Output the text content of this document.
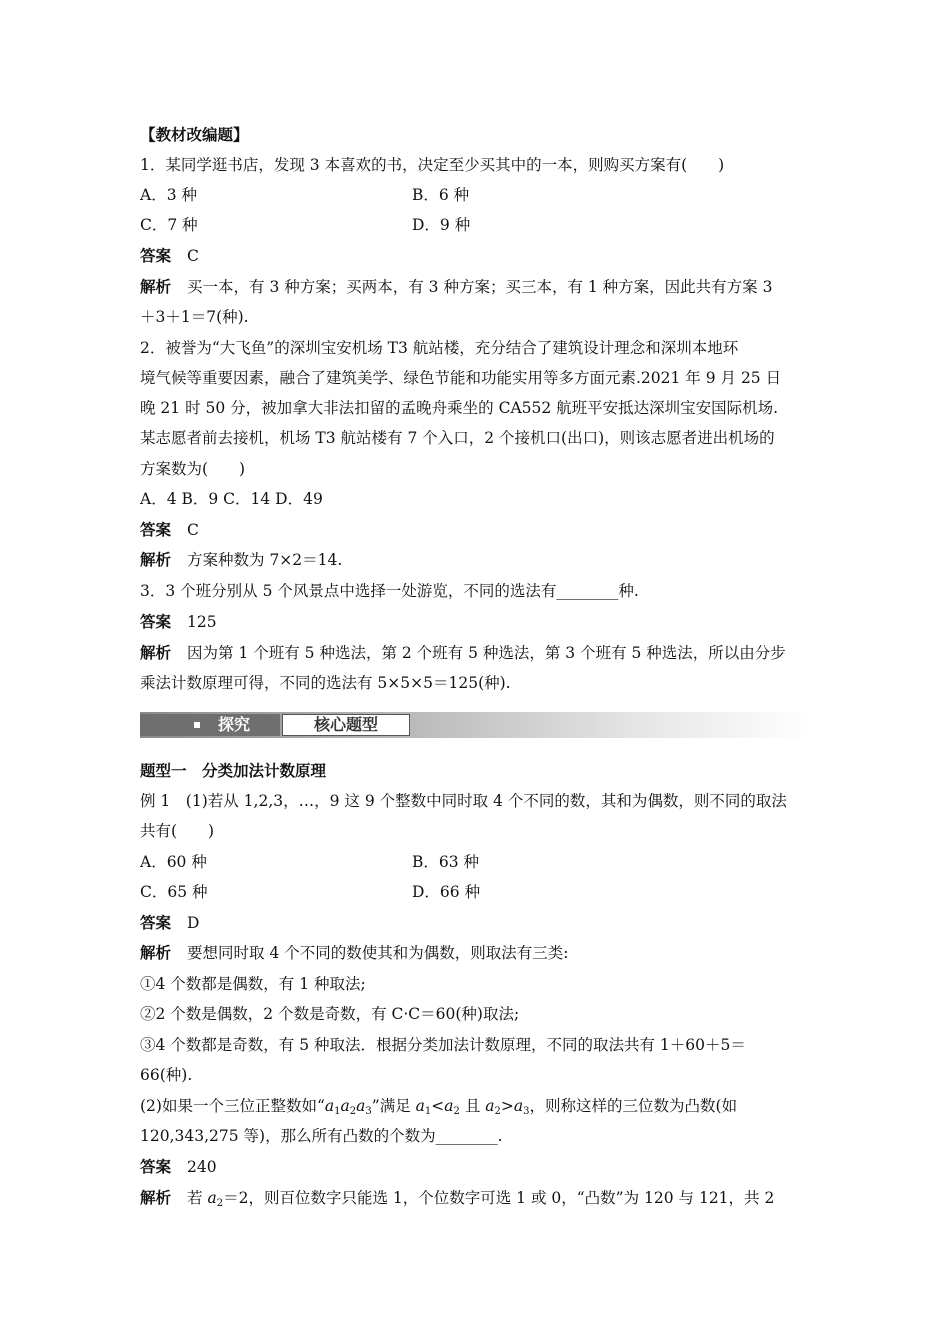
【教材改编题】
1．某同学逛书店，发现 3 本喜欢的书，决定至少买其中的一本，则购买方案有(　　)
A．3 种	B．6 种
C．7 种	D．9 种
答案 C
解析 买一本，有 3 种方案；买两本，有 3 种方案；买三本，有 1 种方案，因此共有方案 3
＋3＋1＝7(种).
2．被誉为“大飞鱼”的深圳宝安机场 T3 航站楼，充分结合了建筑设计理念和深圳本地环
境气候等重要因素，融合了建筑美学、绿色节能和功能实用等多方面元素.2021 年 9 月 25 日
晚 21 时 50 分，被加拿大非法扣留的孟晚舟乘坐的 CA552 航班平安抵达深圳宝安国际机场.
某志愿者前去接机，机场 T3 航站楼有 7 个入口，2 个接机口(出口)，则该志愿者进出机场的
方案数为(　　)
A．4 B．9 C．14 D．49
答案 C
解析 方案种数为 7×2＝14.
3．3 个班分别从 5 个风景点中选择一处游览，不同的选法有________种.
答案 125
解析 因为第 1 个班有 5 种选法，第 2 个班有 5 种选法，第 3 个班有 5 种选法，所以由分步
乘法计数原理可得，不同的选法有 5×5×5＝125(种).
探究	核心题型
题型一　分类加法计数原理
例 1　(1)若从 1,2,3，…，9 这 9 个整数中同时取 4 个不同的数，其和为偶数，则不同的取法
共有(　　)
A．60 种	B．63 种
C．65 种	D．66 种
答案 D
解析 要想同时取 4 个不同的数使其和为偶数，则取法有三类:
①4 个数都是偶数，有 1 种取法;
②2 个数是偶数，2 个数是奇数，有 C·C＝60(种)取法;
③4 个数都是奇数，有 5 种取法．根据分类加法计数原理，不同的取法共有 1＋60＋5＝
66(种).
(2)如果一个三位正整数如“$a_1a_2a_3$”满足 $a_1<a_2$ 且 $a_2>a_3$，则称这样的三位数为凸数(如
120,343,275 等)，那么所有凸数的个数为________.
答案 240
解析 若 $a_2=2$，则百位数字只能选 1，个位数字可选 1 或 0，“凸数”为 120 与 121，共 2
